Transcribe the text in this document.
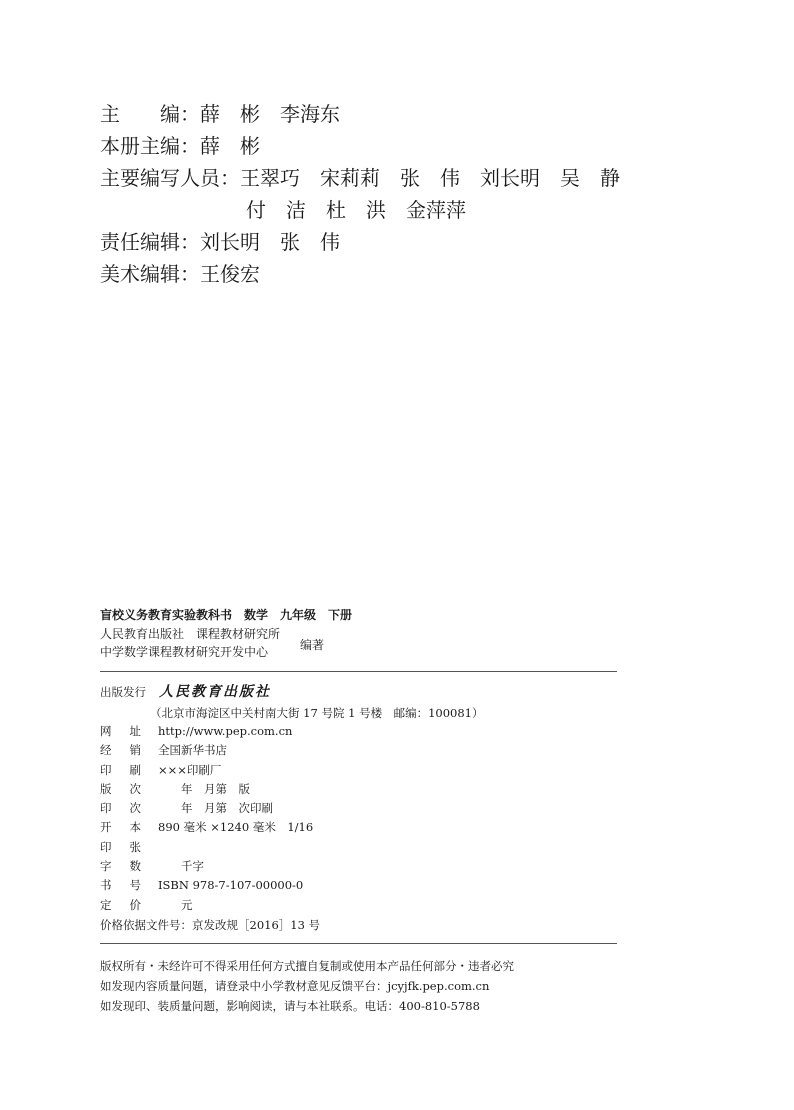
主　　编：薛　彬　李海东
本册主编：薛　彬
主要编写人员：王翠巧　宋莉莉　张　伟　刘长明　吴　静
付　洁　杜　洪　金萍萍
责任编辑：刘长明　张　伟
美术编辑：王俊宏
盲校义务教育实验教科书　数学　九年级　下册
人民教育出版社　课程教材研究所
中学数学课程教材研究开发中心	编著
出版发行 人民教育出版社
（北京市海淀区中关村南大街 17 号院 1 号楼　邮编：100081）
网址 http://www.pep.com.cn
经销 全国新华书店
印刷 ×××印刷厂
版次 　　年　月第　版
印次 　　年　月第　次印刷
开本 890 毫米 ×1240 毫米　1/16
印张
字数 　　千字
书号 ISBN 978-7-107-00000-0
定价 　　元
价格依据文件号：京发改规［2016］13 号
版权所有・未经许可不得采用任何方式擅自复制或使用本产品任何部分・违者必究
如发现内容质量问题，请登录中小学教材意见反馈平台：jcyjfk.pep.com.cn
如发现印、装质量问题，影响阅读，请与本社联系。电话：400-810-5788
